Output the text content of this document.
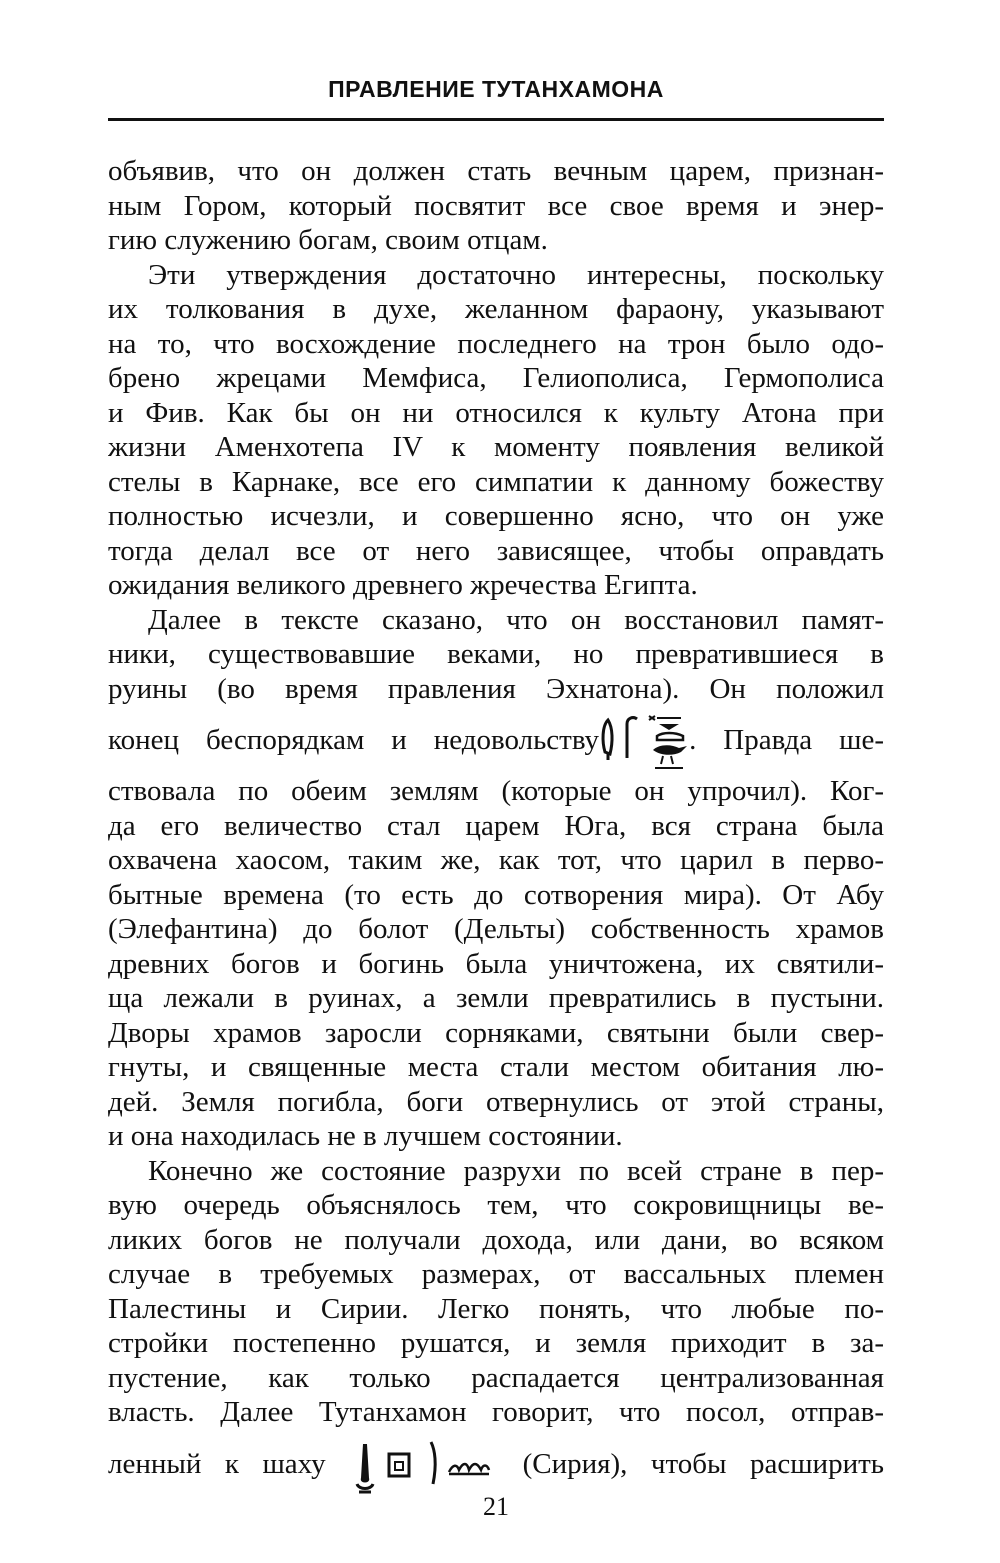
ПРАВЛЕНИЕ ТУТАНХАМОНА
объявив, что он должен стать вечным царем, признан-
ным Гором, который посвятит все свое время и энер-
гию служению богам, своим отцам.
Эти утверждения достаточно интересны, поскольку
их толкования в духе, желанном фараону, указывают
на то, что восхождение последнего на трон было одо-
брено жрецами Мемфиса, Гелиополиса, Гермополиса
и Фив. Как бы он ни относился к культу Атона при
жизни Аменхотепа IV к моменту появления великой
стелы в Карнаке, все его симпатии к данному божеству
полностью исчезли, и совершенно ясно, что он уже
тогда делал все от него зависящее, чтобы оправдать
ожидания великого древнего жречества Египта.
Далее в тексте сказано, что он восстановил памят-
ники, существовавшие веками, но превратившиеся в
руины (во время правления Эхнатона). Он положил
конец беспорядкам и недовольству	. Правда ше-
ствовала по обеим землям (которые он упрочил). Ког-
да его величество стал царем Юга, вся страна была
охвачена хаосом, таким же, как тот, что царил в перво-
бытные времена (то есть до сотворения мира). От Абу
(Элефантина) до болот (Дельты) собственность храмов
древних богов и богинь была уничтожена, их святили-
ща лежали в руинах, а земли превратились в пустыни.
Дворы храмов заросли сорняками, святыни были свер-
гнуты, и священные места стали местом обитания лю-
дей. Земля погибла, боги отвернулись от этой страны,
и она находилась не в лучшем состоянии.
Конечно же состояние разрухи по всей стране в пер-
вую очередь объяснялось тем, что сокровищницы ве-
ликих богов не получали дохода, или дани, во всяком
случае в требуемых размерах, от вассальных племен
Палестины и Сирии. Легко понять, что любые по-
стройки постепенно рушатся, и земля приходит в за-
пустение, как только распадается централизованная
власть. Далее Тутанхамон говорит, что посол, отправ-
ленный к шаху	(Сирия), чтобы расширить
21
